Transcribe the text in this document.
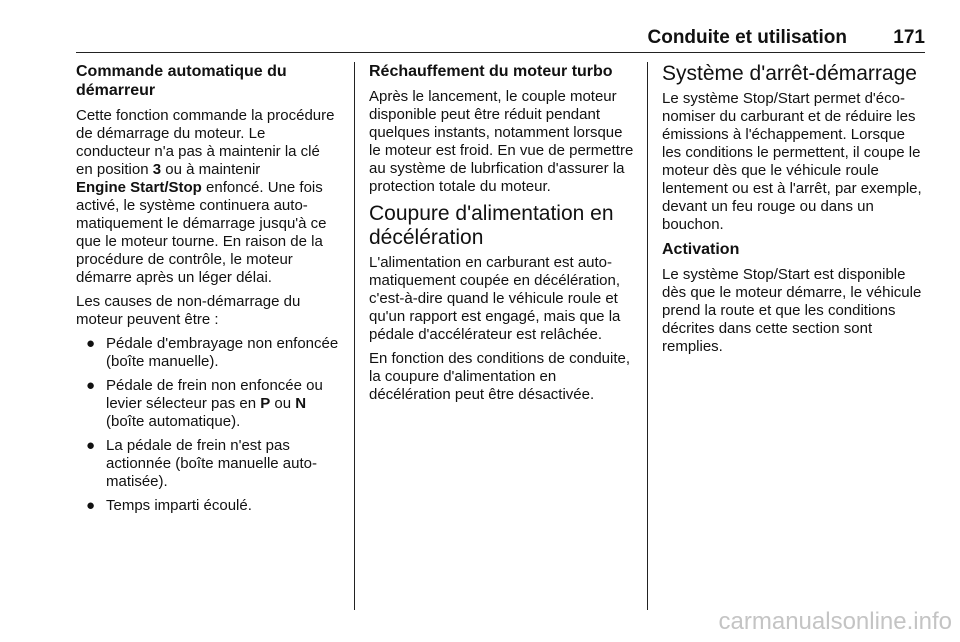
Conduite et utilisation 171
Commande automatique du démarreur

Cette fonction commande la procédure de démarrage du moteur. Le conducteur n'a pas à maintenir la clé en position 3 ou à maintenir
Engine Start/Stop enfoncé. Une fois activé, le système continuera automatiquement le démarrage jusqu'à ce que le moteur tourne. En raison de la procédure de contrôle, le moteur démarre après un léger délai.

Les causes de non-démarrage du moteur peuvent être :

● Pédale d'embrayage non enfoncée (boîte manuelle).
● Pédale de frein non enfoncée ou levier sélecteur pas en P ou N (boîte automatique).
● La pédale de frein n'est pas actionnée (boîte manuelle automatisée).
● Temps imparti écoulé.
Réchauffement du moteur turbo

Après le lancement, le couple moteur disponible peut être réduit pendant quelques instants, notamment lorsque le moteur est froid. En vue de permettre au système de lubrfication d'assurer la protection totale du moteur.

Coupure d'alimentation en décélération

L'alimentation en carburant est automatiquement coupée en décélération, c'est-à-dire quand le véhicule roule et qu'un rapport est engagé, mais que la pédale d'accélérateur est relâchée.

En fonction des conditions de conduite, la coupure d'alimentation en décélération peut être désactivée.

Système d'arrêt-démarrage

Le système Stop/Start permet d'économiser du carburant et de réduire les émissions à l'échappement. Lorsque les conditions le permettent, il coupe le moteur dès que le véhicule roule lentement ou est à l'arrêt, par exemple, devant un feu rouge ou dans un bouchon.

Activation

Le système Stop/Start est disponible dès que le moteur démarre, le véhicule prend la route et que les conditions décrites dans cette section sont remplies.

carmanualsonline.info
